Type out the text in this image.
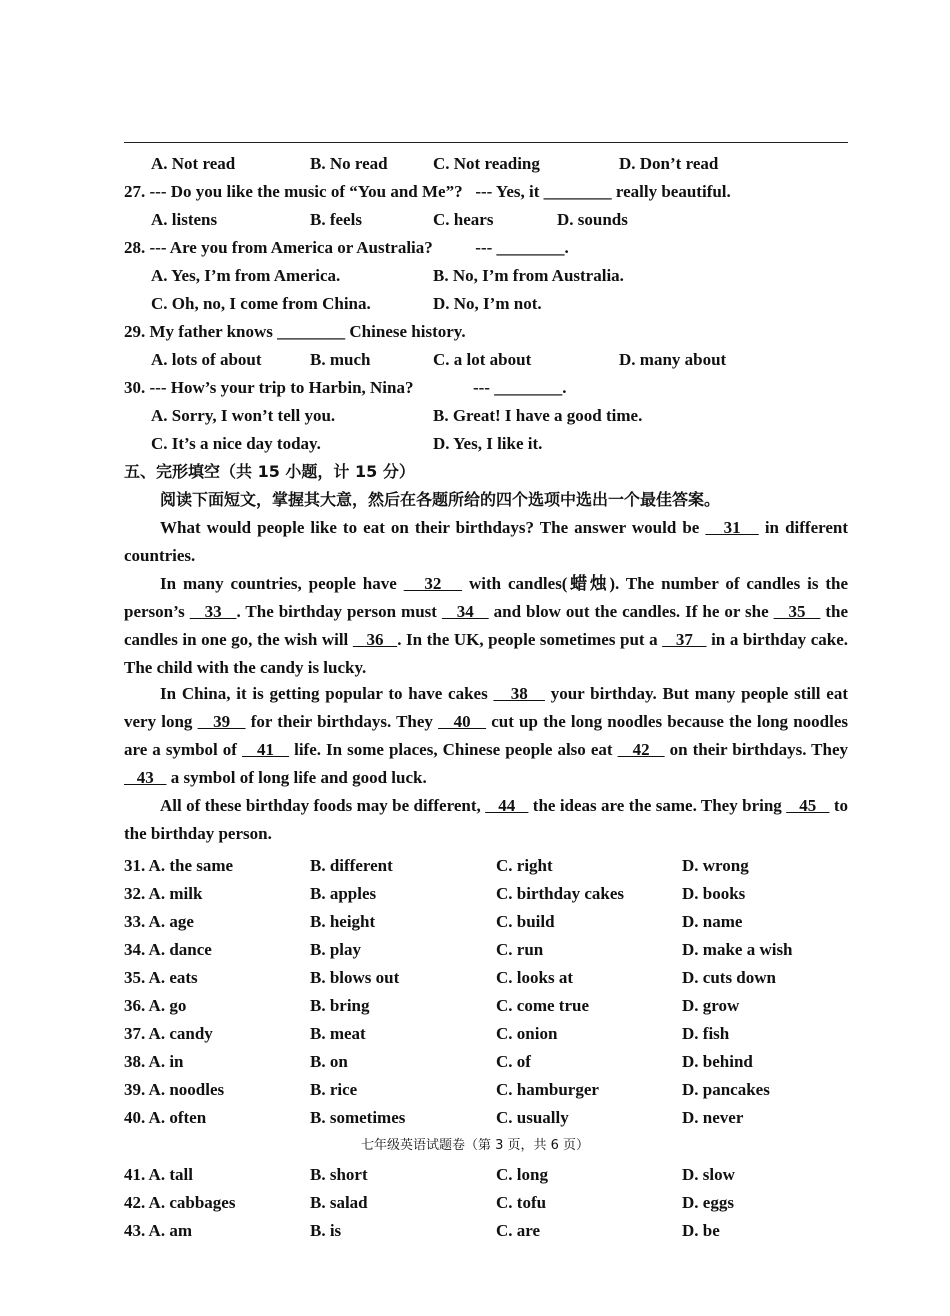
A. Not read	B. No read	C. Not reading	D. Don’t read
27. --- Do you like the music of “You and Me”?   --- Yes, it ________ really beautiful.
A. listens	B. feels	C. hears	D. sounds
28. --- Are you from America or Australia?          --- ________.
A. Yes, I’m from America.	B. No, I’m from Australia.
C. Oh, no, I come from China.	D. No, I’m not.
29. My father knows ________ Chinese history.
A. lots of about	B. much	C. a lot about	D. many about
30. --- How’s your trip to Harbin, Nina?              --- ________.
A. Sorry, I won’t tell you.	B. Great! I have a good time.
C. It’s a nice day today.	D. Yes, I like it.
五、完形填空（共 15 小题，计 15 分）
阅读下面短文，掌握其大意，然后在各题所给的四个选项中选出一个最佳答案。

What would people like to eat on their birthdays? The answer would be    31    in different countries.

In many countries, people have    32    with candles(蜡烛). The number of candles is the person’s    33   . The birthday person must    34    and blow out the candles. If he or she    35    the candles in one go, the wish will    36   . In the UK, people sometimes put a    37    in a birthday cake. The child with the candy is lucky.

In China, it is getting popular to have cakes    38    your birthday. But many people still eat very long    39    for their birthdays. They    40    cut up the long noodles because the long noodles are a symbol of    41    life. In some places, Chinese people also eat    42    on their birthdays. They    43    a symbol of long life and good luck.

All of these birthday foods may be different,    44    the ideas are the same. They bring    45    to the birthday person.

31. A. the same	B. different	C. right	D. wrong
32. A. milk	B. apples	C. birthday cakes	D. books
33. A. age	B. height	C. build	D. name
34. A. dance	B. play	C. run	D. make a wish
35. A. eats	B. blows out	C. looks at	D. cuts down
36. A. go	B. bring	C. come true	D. grow
37. A. candy	B. meat	C. onion	D. fish
38. A. in	B. on	C. of	D. behind
39. A. noodles	B. rice	C. hamburger	D. pancakes
40. A. often	B. sometimes	C. usually	D. never
七年级英语试题卷（第 3 页，共 6 页）
41. A. tall	B. short	C. long	D. slow
42. A. cabbages	B. salad	C. tofu	D. eggs
43. A. am	B. is	C. are	D. be
